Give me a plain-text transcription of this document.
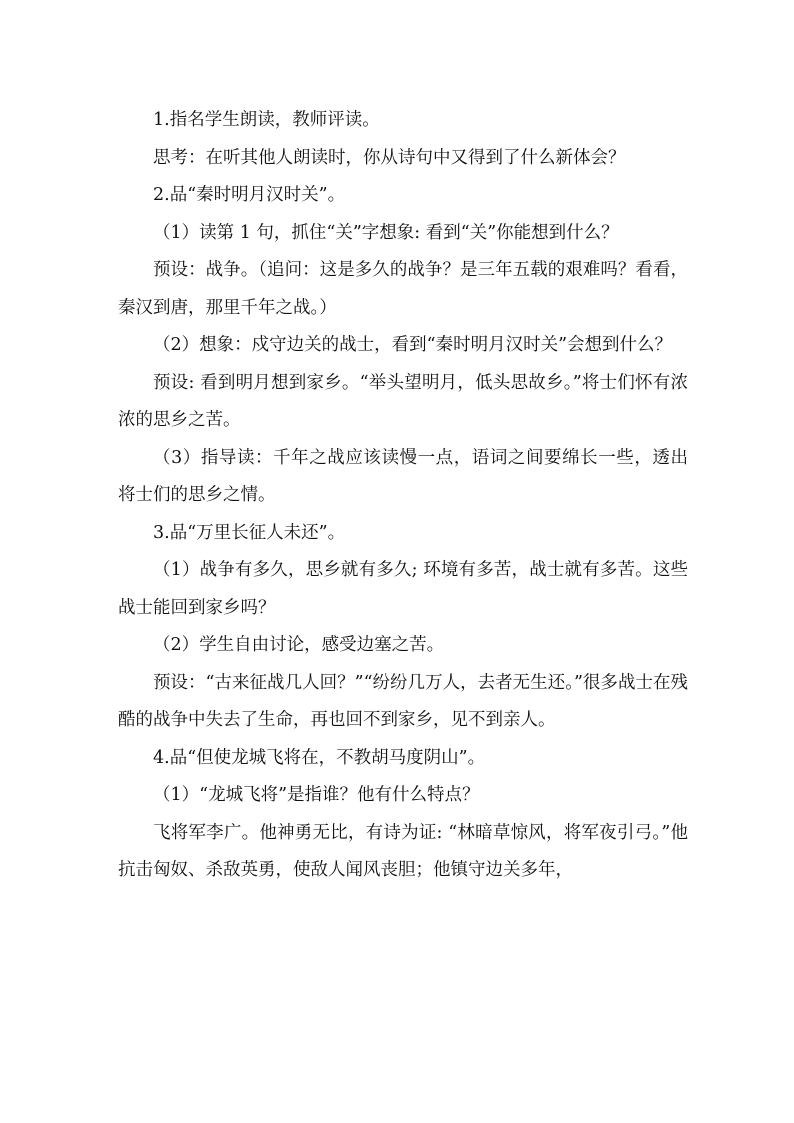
1.指名学生朗读，教师评读。

思考：在听其他人朗读时，你从诗句中又得到了什么新体会？

2.品“秦时明月汉时关”。

（1）读第 1 句，抓住“关”字想象: 看到“关”你能想到什么？

预设：战争。（追问：这是多久的战争？是三年五载的艰难吗？看看，秦汉到唐，那里千年之战。）

（2）想象：戍守边关的战士，看到“秦时明月汉时关”会想到什么？

预设: 看到明月想到家乡。“举头望明月，低头思故乡。”将士们怀有浓浓的思乡之苦。

（3）指导读：千年之战应该读慢一点，语词之间要绵长一些，透出将士们的思乡之情。

3.品“万里长征人未还”。

（1）战争有多久，思乡就有多久; 环境有多苦，战士就有多苦。这些战士能回到家乡吗？

（2）学生自由讨论，感受边塞之苦。

预设：“古来征战几人回？”“纷纷几万人，去者无生还。”很多战士在残酷的战争中失去了生命，再也回不到家乡，见不到亲人。

4.品“但使龙城飞将在，不教胡马度阴山”。

（1）“龙城飞将”是指谁？他有什么特点？

飞将军李广。他神勇无比，有诗为证: “林暗草惊风，将军夜引弓。”他抗击匈奴、杀敌英勇，使敌人闻风丧胆；他镇守边关多年，
